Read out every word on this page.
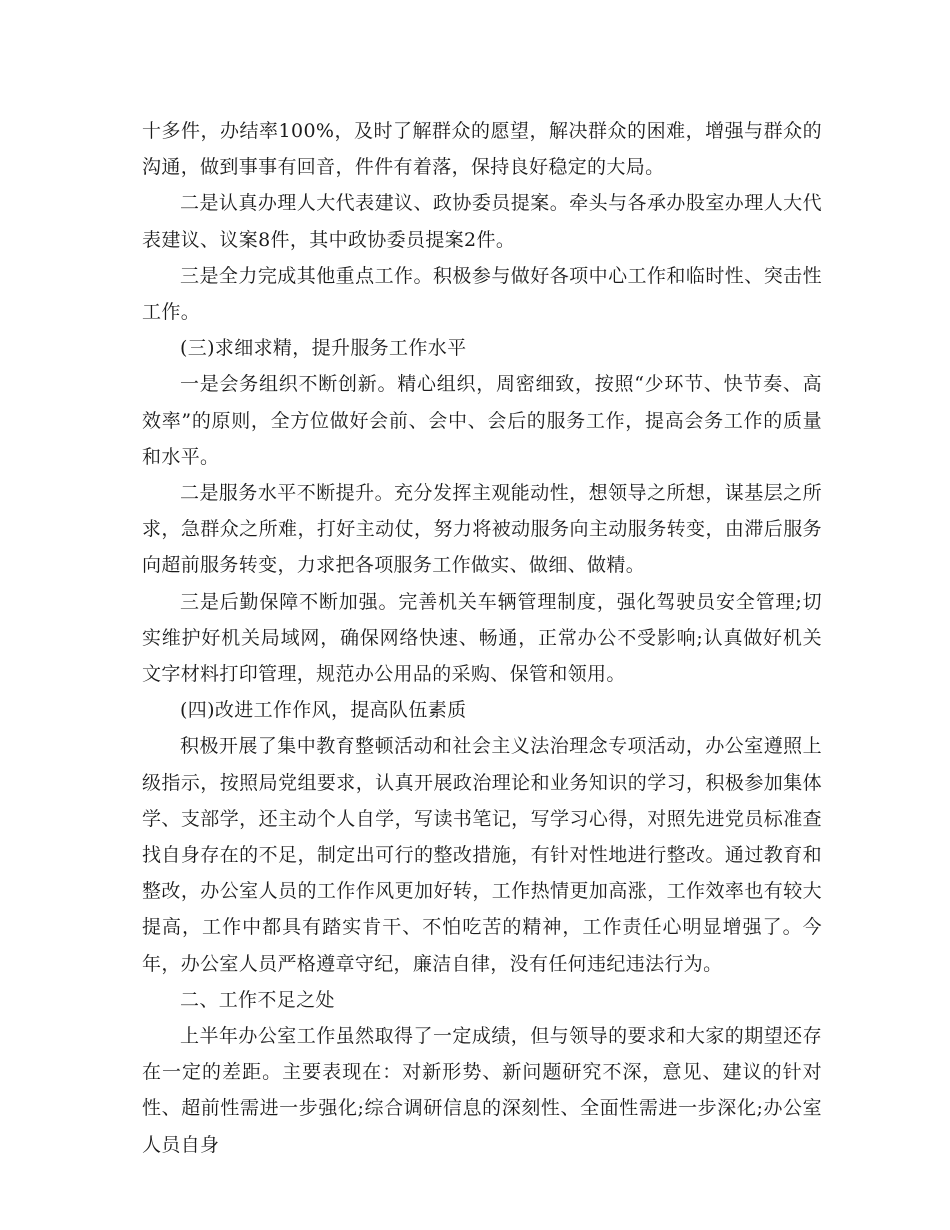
十多件，办结率100%，及时了解群众的愿望，解决群众的困难，增强与群众的沟通，做到事事有回音，件件有着落，保持良好稳定的大局。

二是认真办理人大代表建议、政协委员提案。牵头与各承办股室办理人大代表建议、议案8件，其中政协委员提案2件。

三是全力完成其他重点工作。积极参与做好各项中心工作和临时性、突击性工作。

(三)求细求精，提升服务工作水平

一是会务组织不断创新。精心组织，周密细致，按照“少环节、快节奏、高效率”的原则，全方位做好会前、会中、会后的服务工作，提高会务工作的质量和水平。

二是服务水平不断提升。充分发挥主观能动性，想领导之所想，谋基层之所求，急群众之所难，打好主动仗，努力将被动服务向主动服务转变，由滞后服务向超前服务转变，力求把各项服务工作做实、做细、做精。

三是后勤保障不断加强。完善机关车辆管理制度，强化驾驶员安全管理;切实维护好机关局域网，确保网络快速、畅通，正常办公不受影响;认真做好机关文字材料打印管理，规范办公用品的采购、保管和领用。

(四)改进工作作风，提高队伍素质

积极开展了集中教育整顿活动和社会主义法治理念专项活动，办公室遵照上级指示，按照局党组要求，认真开展政治理论和业务知识的学习，积极参加集体学、支部学，还主动个人自学，写读书笔记，写学习心得，对照先进党员标准查找自身存在的不足，制定出可行的整改措施，有针对性地进行整改。通过教育和整改，办公室人员的工作作风更加好转，工作热情更加高涨，工作效率也有较大提高，工作中都具有踏实肯干、不怕吃苦的精神，工作责任心明显增强了。今年，办公室人员严格遵章守纪，廉洁自律，没有任何违纪违法行为。

二、工作不足之处

上半年办公室工作虽然取得了一定成绩，但与领导的要求和大家的期望还存在一定的差距。主要表现在：对新形势、新问题研究不深，意见、建议的针对性、超前性需进一步强化;综合调研信息的深刻性、全面性需进一步深化;办公室人员自身
